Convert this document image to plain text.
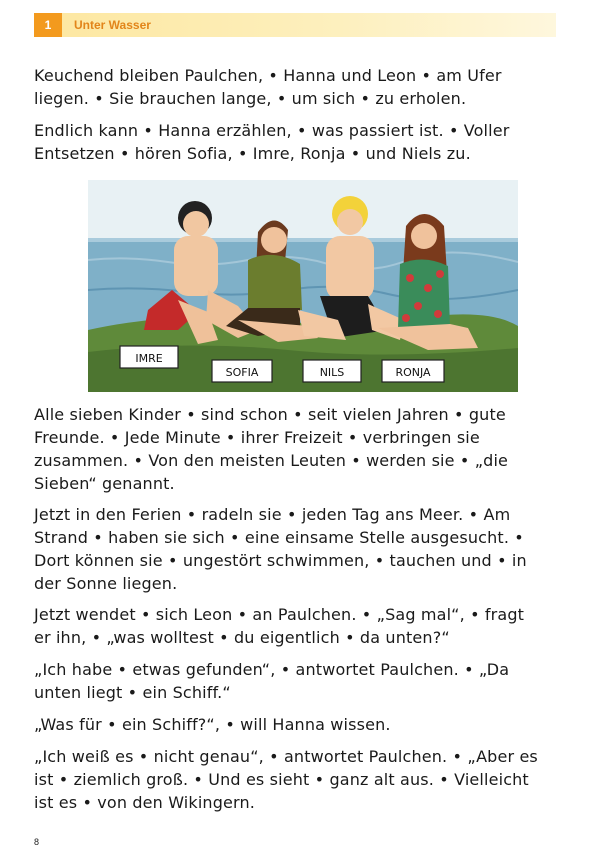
1	Unter Wasser
Keuchend bleiben Paulchen, • Hanna und Leon • am Ufer
liegen. • Sie brauchen lange, • um sich • zu erholen.
Endlich kann • Hanna erzählen, • was passiert ist. • Voller
Entsetzen • hören Sofia, • Imre, Ronja • und Niels zu.
IMRE
SOFIA	NILS	RONJA
Alle sieben Kinder • sind schon • seit vielen Jahren • gute
Freunde. • Jede Minute • ihrer Freizeit • verbringen sie
zusammen. • Von den meisten Leuten • werden sie • „die
Sieben“ genannt.
Jetzt in den Ferien • radeln sie • jeden Tag ans Meer. • Am
Strand • haben sie sich • eine einsame Stelle ausgesucht. •
Dort können sie • ungestört schwimmen, • tauchen und • in
der Sonne liegen.
Jetzt wendet • sich Leon • an Paulchen. • „Sag mal“, • fragt
er ihn, • „was wolltest • du eigentlich • da unten?“
„Ich habe • etwas gefunden“, • antwortet Paulchen. • „Da
unten liegt • ein Schiff.“
„Was für • ein Schiff?“, • will Hanna wissen.
„Ich weiß es • nicht genau“, • antwortet Paulchen. • „Aber es
ist • ziemlich groß. • Und es sieht • ganz alt aus. • Vielleicht
ist es • von den Wikingern.
8
